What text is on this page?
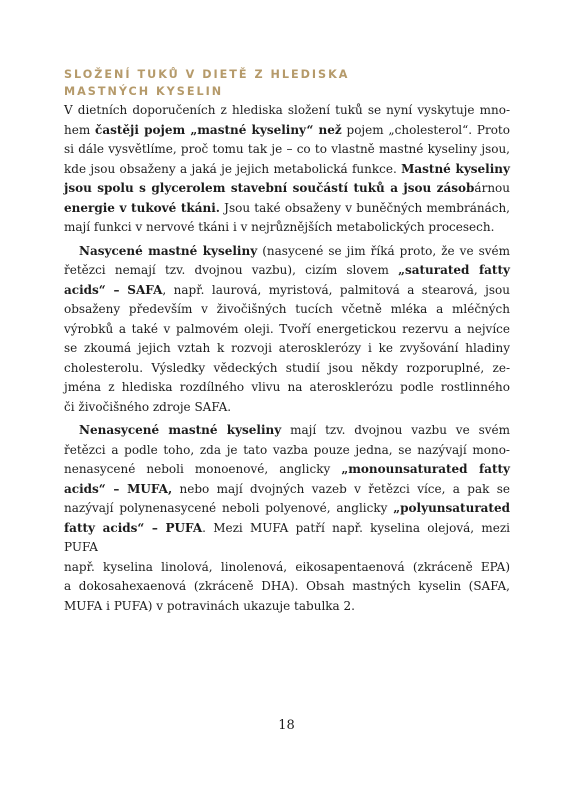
SLOŽENÍ TUKŮ V DIETĚ Z HLEDISKA
MASTNÝCH KYSELIN

V dietních doporučeních z hlediska složení tuků se nyní vyskytuje mno-
hem častěji pojem „mastné kyseliny“ než pojem „cholesterol“. Proto
si dále vysvětlíme, proč tomu tak je – co to vlastně mastné kyseliny jsou,
kde jsou obsaženy a jaká je jejich metabolická funkce. Mastné kyseliny
jsou spolu s glycerolem stavební součástí tuků a jsou zásobárnou
energie v tukové tkáni. Jsou také obsaženy v buněčných membránách,
mají funkci v nervové tkáni i v nejrůznějších metabolických procesech.

Nasycené mastné kyseliny (nasycené se jim říká proto, že ve svém
řetězci nemají tzv. dvojnou vazbu), cizím slovem „saturated fatty
acids“ – SAFA, např. laurová, myristová, palmitová a stearová, jsou
obsaženy především v živočišných tucích včetně mléka a mléčných
výrobků a také v palmovém oleji. Tvoří energetickou rezervu a nejvíce
se zkoumá jejich vztah k rozvoji aterosklerózy i ke zvyšování hladiny
cholesterolu. Výsledky vědeckých studií jsou někdy rozporuplné, ze-
jména z hlediska rozdílného vlivu na aterosklerózu podle rostlinného
či živočišného zdroje SAFA.

Nenasycené mastné kyseliny mají tzv. dvojnou vazbu ve svém
řetězci a podle toho, zda je tato vazba pouze jedna, se nazývají mono-
nenasycené neboli monoenové, anglicky „monounsaturated fatty
acids“ – MUFA, nebo mají dvojných vazeb v řetězci více, a pak se
nazývají polynenasycené neboli polyenové, anglicky „polyunsaturated
fatty acids“ – PUFA. Mezi MUFA patří např. kyselina olejová, mezi PUFA
např. kyselina linolová, linolenová, eikosapentaenová (zkráceně EPA)
a dokosahexaenová (zkráceně DHA). Obsah mastných kyselin (SAFA,
MUFA i PUFA) v potravinách ukazuje tabulka 2.

18
